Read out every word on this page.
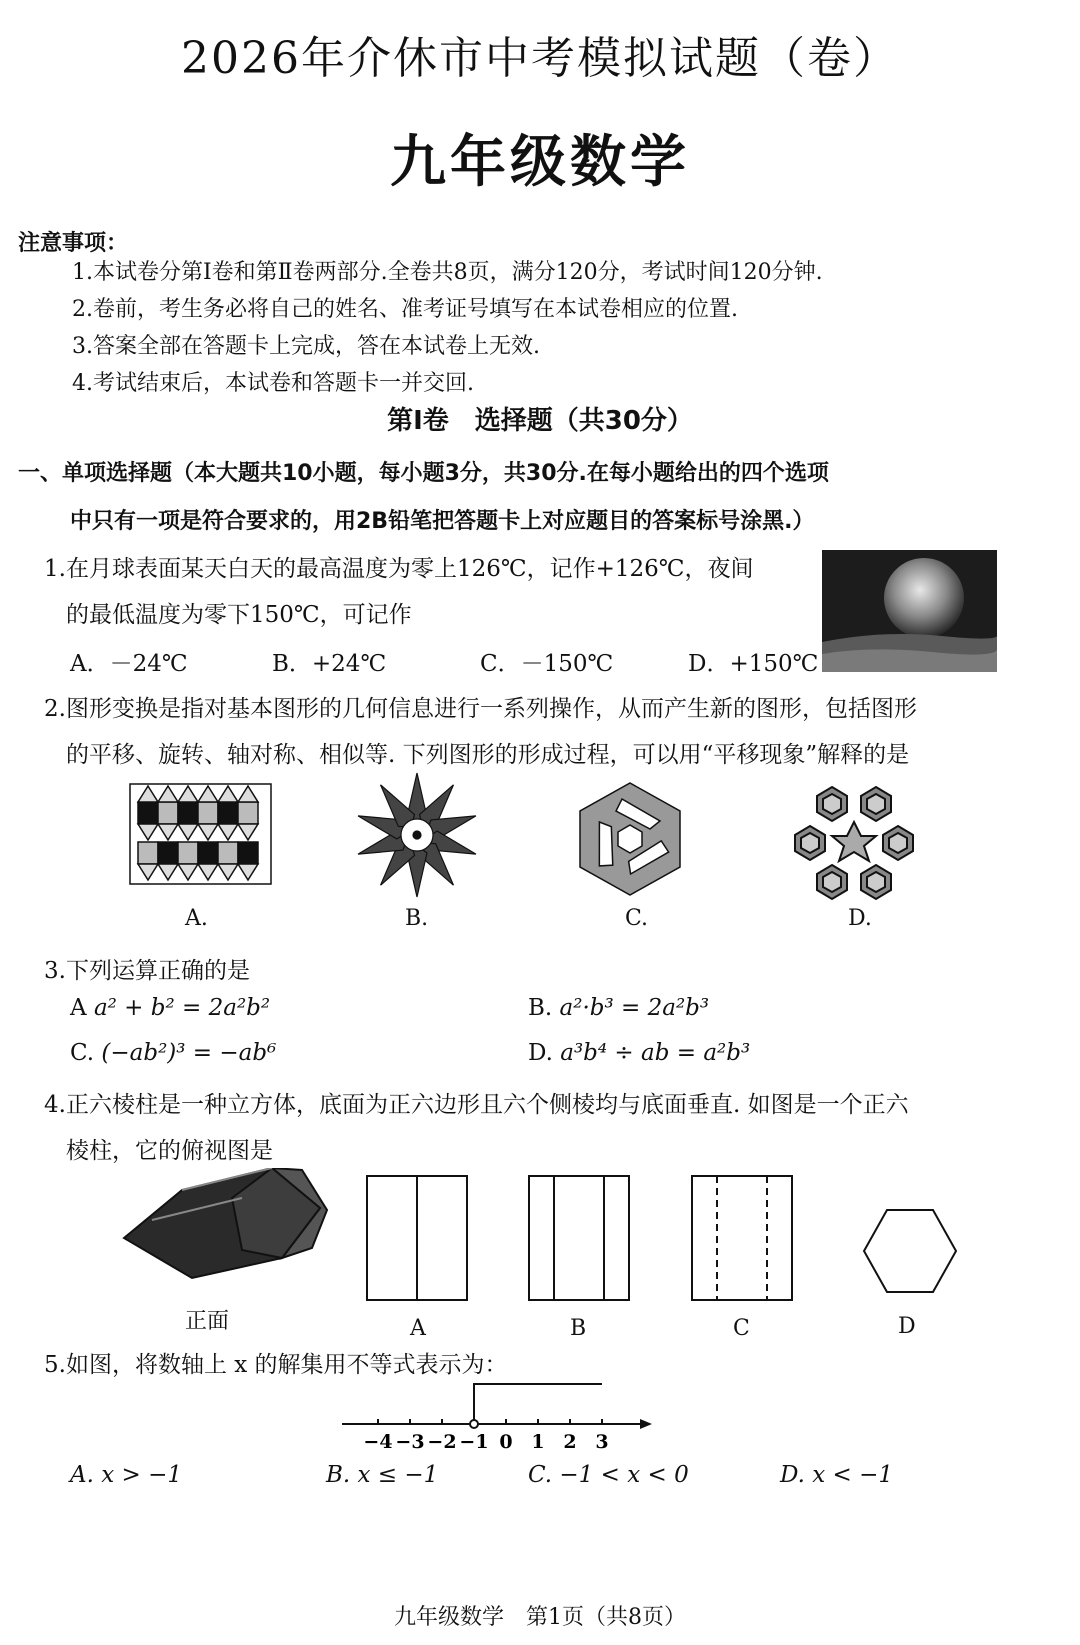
2026年介休市中考模拟试题（卷）
九年级数学
注意事项：
1.本试卷分第Ⅰ卷和第Ⅱ卷两部分.全卷共8页，满分120分，考试时间120分钟.
2.卷前，考生务必将自己的姓名、准考证号填写在本试卷相应的位置.
3.答案全部在答题卡上完成，答在本试卷上无效.
4.考试结束后，本试卷和答题卡一并交回.
第Ⅰ卷　选择题（共30分）
一、单项选择题（本大题共10小题，每小题3分，共30分.在每小题给出的四个选项
中只有一项是符合要求的，用2B铅笔把答题卡上对应题目的答案标号涂黑.）
1.在月球表面某天白天的最高温度为零上126℃，记作+126℃，夜间
的最低温度为零下150℃，可记作
A．－24℃	B．+24℃	C．－150℃	D．+150℃
2.图形变换是指对基本图形的几何信息进行一系列操作，从而产生新的图形，包括图形
的平移、旋转、轴对称、相似等. 下列图形的形成过程，可以用“平移现象”解释的是
A.	B.	C.	D.
3.下列运算正确的是
A a² + b² = 2a²b²	B. a²·b³ = 2a²b³
C. (−ab²)³ = −ab⁶	D. a³b⁴ ÷ ab = a²b³
4.正六棱柱是一种立方体，底面为正六边形且六个侧棱均与底面垂直. 如图是一个正六
棱柱，它的俯视图是
正面	A	B	C	D
5.如图，将数轴上 x 的解集用不等式表示为：
−4 −3 −2 −1 0 1 2 3
A. x > −1	B. x ≤ −1	C. −1 < x < 0	D. x < −1
九年级数学　第1页（共8页）
